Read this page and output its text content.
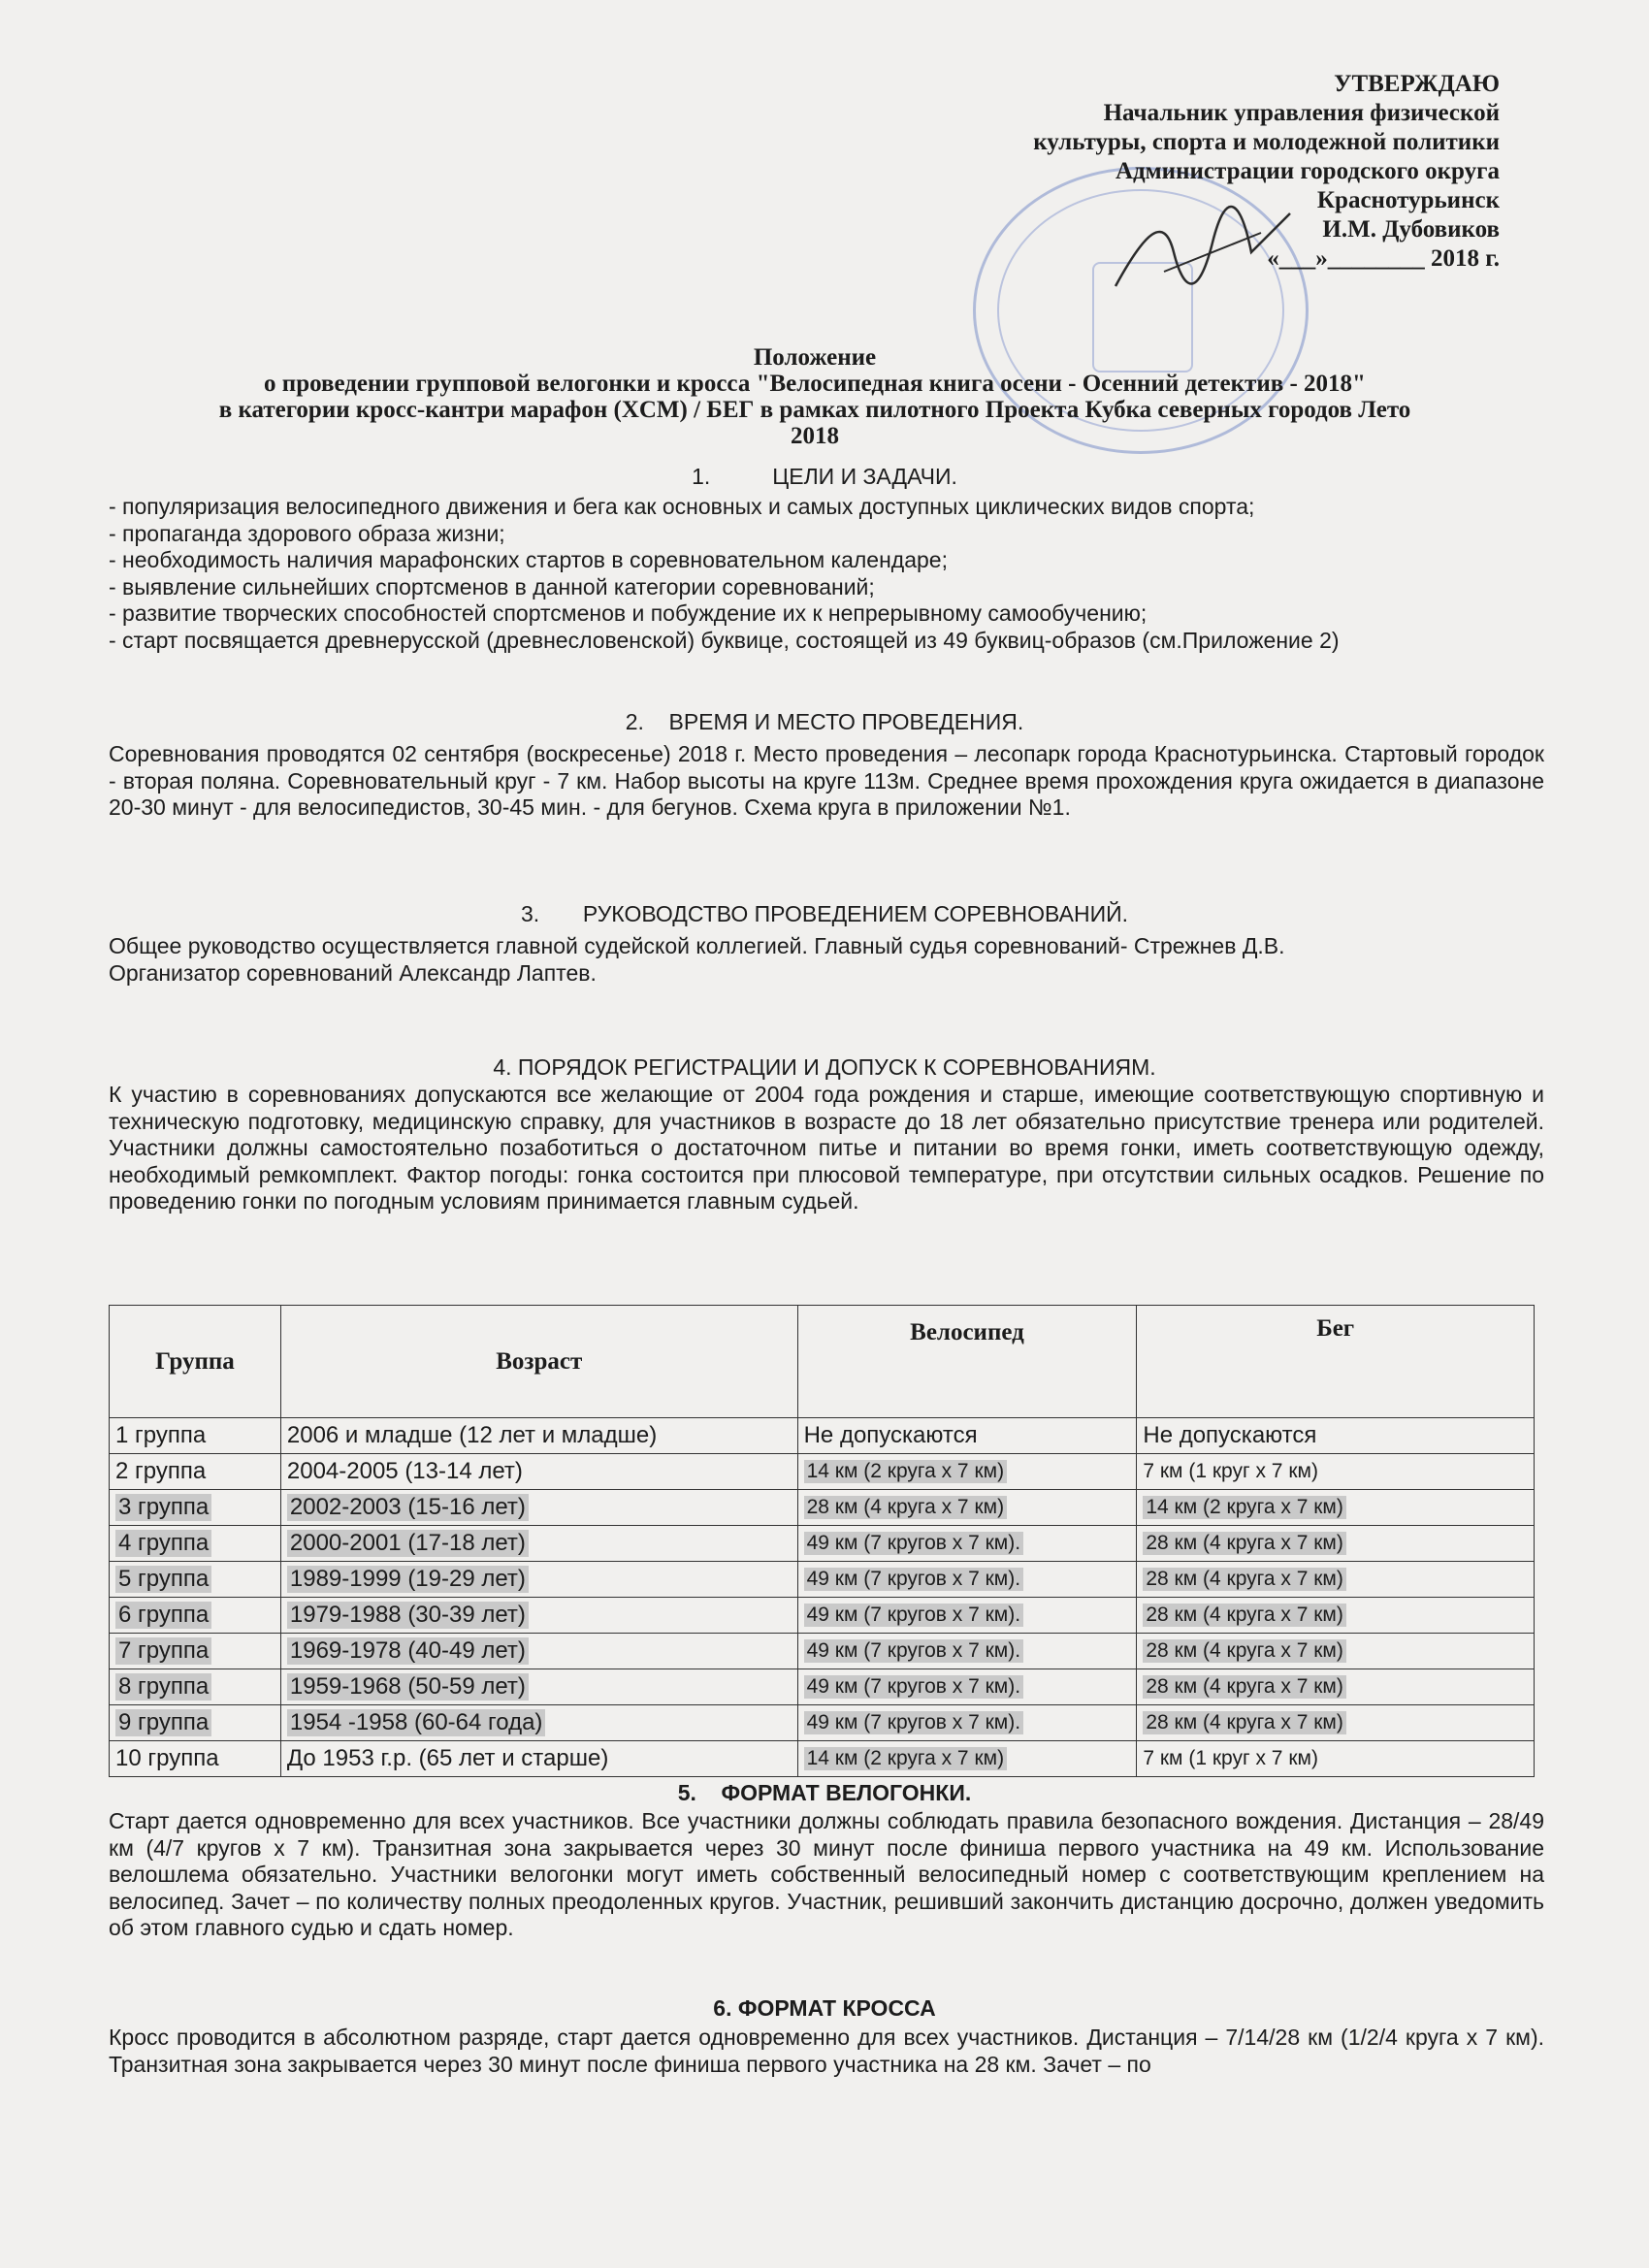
УТВЕРЖДАЮ
Начальник управления физической
культуры, спорта и молодежной политики
Администрации городского округа
Краснотурьинск
И.М. Дубовиков
«___»________ 2018 г.
Положение
о проведении групповой велогонки и кросса "Велосипедная книга осени - Осенний детектив - 2018"
в категории кросс-кантри марафон (XCM) / БЕГ в рамках пилотного Проекта Кубка северных городов Лето
2018
1.          ЦЕЛИ И ЗАДАЧИ.
- популяризация велосипедного движения и бега как основных и самых доступных циклических видов спорта;
- пропаганда здорового образа жизни;
- необходимость наличия марафонских стартов в соревновательном календаре;
- выявление сильнейших спортсменов в данной категории соревнований;
- развитие творческих способностей спортсменов и побуждение их к непрерывному самообучению;
- старт посвящается древнерусской (древнесловенской) буквице, состоящей из 49 буквиц-образов (см.Приложение 2)
2.    ВРЕМЯ И МЕСТО ПРОВЕДЕНИЯ.
Соревнования проводятся 02 сентября (воскресенье) 2018 г. Место проведения – лесопарк города Краснотурьинска. Стартовый городок - вторая поляна. Соревновательный круг - 7 км. Набор высоты на круге 113м. Среднее время прохождения круга ожидается в диапазоне 20-30 минут - для велосипедистов, 30-45 мин. - для бегунов. Схема круга в приложении №1.
3.       РУКОВОДСТВО ПРОВЕДЕНИЕМ СОРЕВНОВАНИЙ.
Общее руководство осуществляется главной судейской коллегией. Главный судья соревнований- Стрежнев Д.В.
Организатор соревнований Александр Лаптев.
4. ПОРЯДОК РЕГИСТРАЦИИ И ДОПУСК К СОРЕВНОВАНИЯМ.
К участию в соревнованиях допускаются все желающие от 2004 года рождения и старше, имеющие соответствующую спортивную и техническую подготовку, медицинскую справку, для участников в возрасте до 18 лет обязательно присутствие тренера или родителей. Участники должны самостоятельно позаботиться о достаточном питье и питании во время гонки, иметь соответствующую одежду, необходимый ремкомплект. Фактор погоды: гонка состоится при плюсовой температуре, при отсутствии сильных осадков. Решение по проведению гонки по погодным условиям принимается главным судьей.
Группа	Возраст	Велосипед	Бег
1 группа	2006 и младше (12 лет и младше)	Не допускаются	Не допускаются
2 группа	2004-2005 (13-14 лет)	14 км (2 круга х 7 км)	7 км (1 круг х 7 км)
3 группа	2002-2003 (15-16 лет)	28 км (4 круга х 7 км)	14 км (2 круга х 7 км)
4 группа	2000-2001 (17-18 лет)	49 км (7 кругов х 7 км).	28 км (4 круга х 7 км)
5 группа	1989-1999 (19-29 лет)	49 км (7 кругов х 7 км).	28 км (4 круга х 7 км)
6 группа	1979-1988 (30-39 лет)	49 км (7 кругов х 7 км).	28 км (4 круга х 7 км)
7 группа	1969-1978 (40-49 лет)	49 км (7 кругов х 7 км).	28 км (4 круга х 7 км)
8 группа	1959-1968 (50-59 лет)	49 км (7 кругов х 7 км).	28 км (4 круга х 7 км)
9 группа	1954 -1958 (60-64 года)	49 км (7 кругов х 7 км).	28 км (4 круга х 7 км)
10 группа	До 1953 г.р. (65 лет и старше)	14 км (2 круга х 7 км)	7 км (1 круг х 7 км)
5.    ФОРМАТ ВЕЛОГОНКИ.
Старт дается одновременно для всех участников. Все участники должны соблюдать правила безопасного вождения. Дистанция – 28/49 км (4/7 кругов х 7 км). Транзитная зона закрывается через 30 минут после финиша первого участника на 49 км. Использование велошлема обязательно. Участники велогонки могут иметь собственный велосипедный номер с соответствующим креплением на велосипед. Зачет – по количеству полных преодоленных кругов. Участник, решивший закончить дистанцию досрочно, должен уведомить об этом главного судью и сдать номер.
6. ФОРМАТ КРОССА
Кросс проводится в абсолютном разряде, старт дается одновременно для всех участников. Дистанция – 7/14/28 км (1/2/4 круга х 7 км). Транзитная зона закрывается через 30 минут после финиша первого участника на 28 км. Зачет – по
